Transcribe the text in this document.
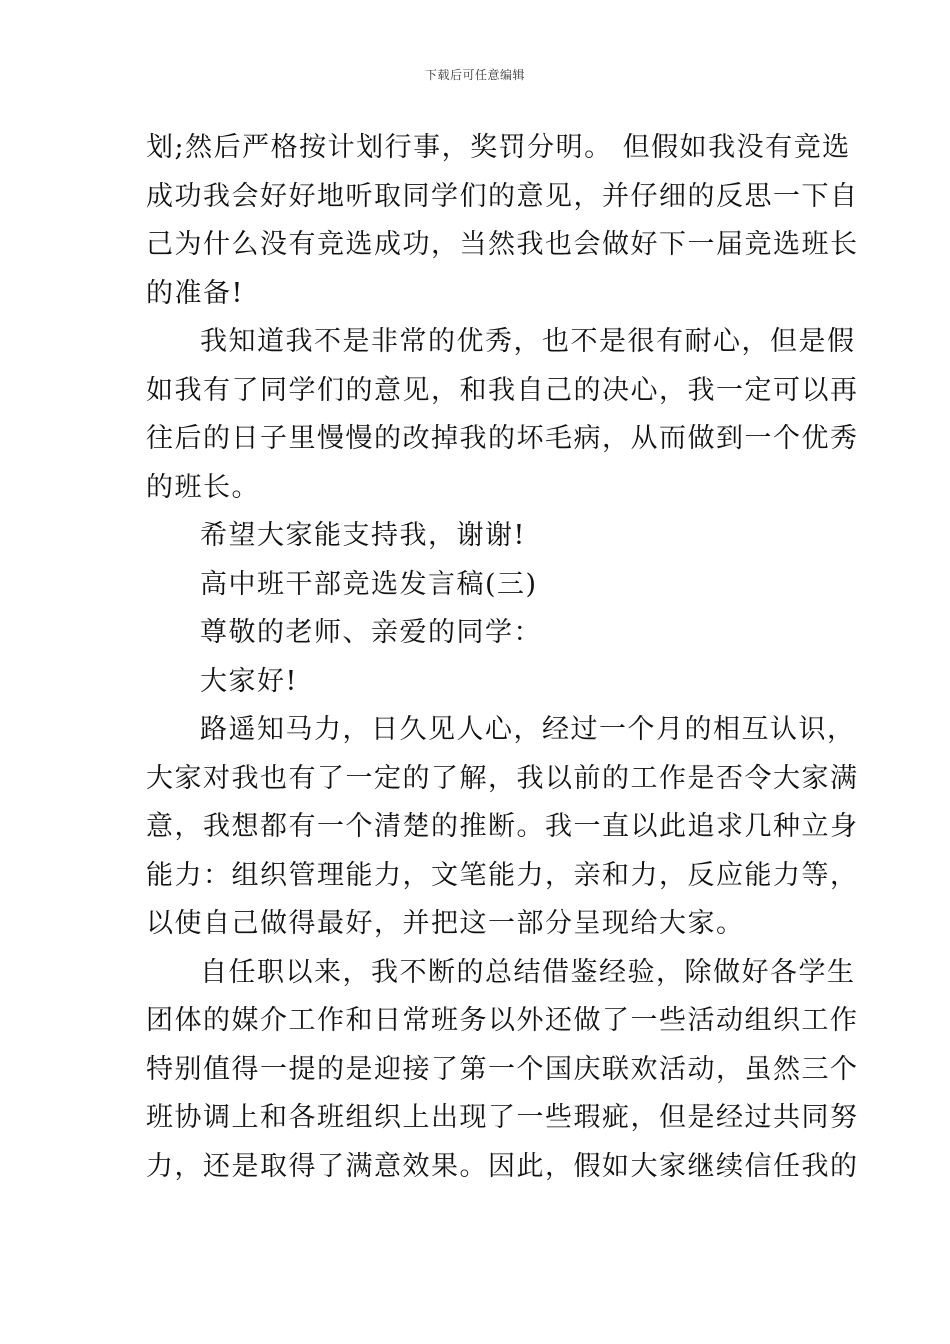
下载后可任意编辑
划;然后严格按计划行事，奖罚分明。 但假如我没有竞选
成功我会好好地听取同学们的意见，并仔细的反思一下自
己为什么没有竞选成功，当然我也会做好下一届竞选班长
的准备!
我知道我不是非常的优秀，也不是很有耐心，但是假
如我有了同学们的意见，和我自己的决心，我一定可以再
往后的日子里慢慢的改掉我的坏毛病，从而做到一个优秀
的班长。
希望大家能支持我，谢谢!
高中班干部竞选发言稿(三)
尊敬的老师、亲爱的同学：
大家好!
路遥知马力，日久见人心，经过一个月的相互认识，
大家对我也有了一定的了解，我以前的工作是否令大家满
意，我想都有一个清楚的推断。我一直以此追求几种立身
能力：组织管理能力，文笔能力，亲和力，反应能力等，
以使自己做得最好，并把这一部分呈现给大家。
自任职以来，我不断的总结借鉴经验，除做好各学生
团体的媒介工作和日常班务以外还做了一些活动组织工作
特别值得一提的是迎接了第一个国庆联欢活动，虽然三个
班协调上和各班组织上出现了一些瑕疵，但是经过共同努
力，还是取得了满意效果。因此，假如大家继续信任我的
